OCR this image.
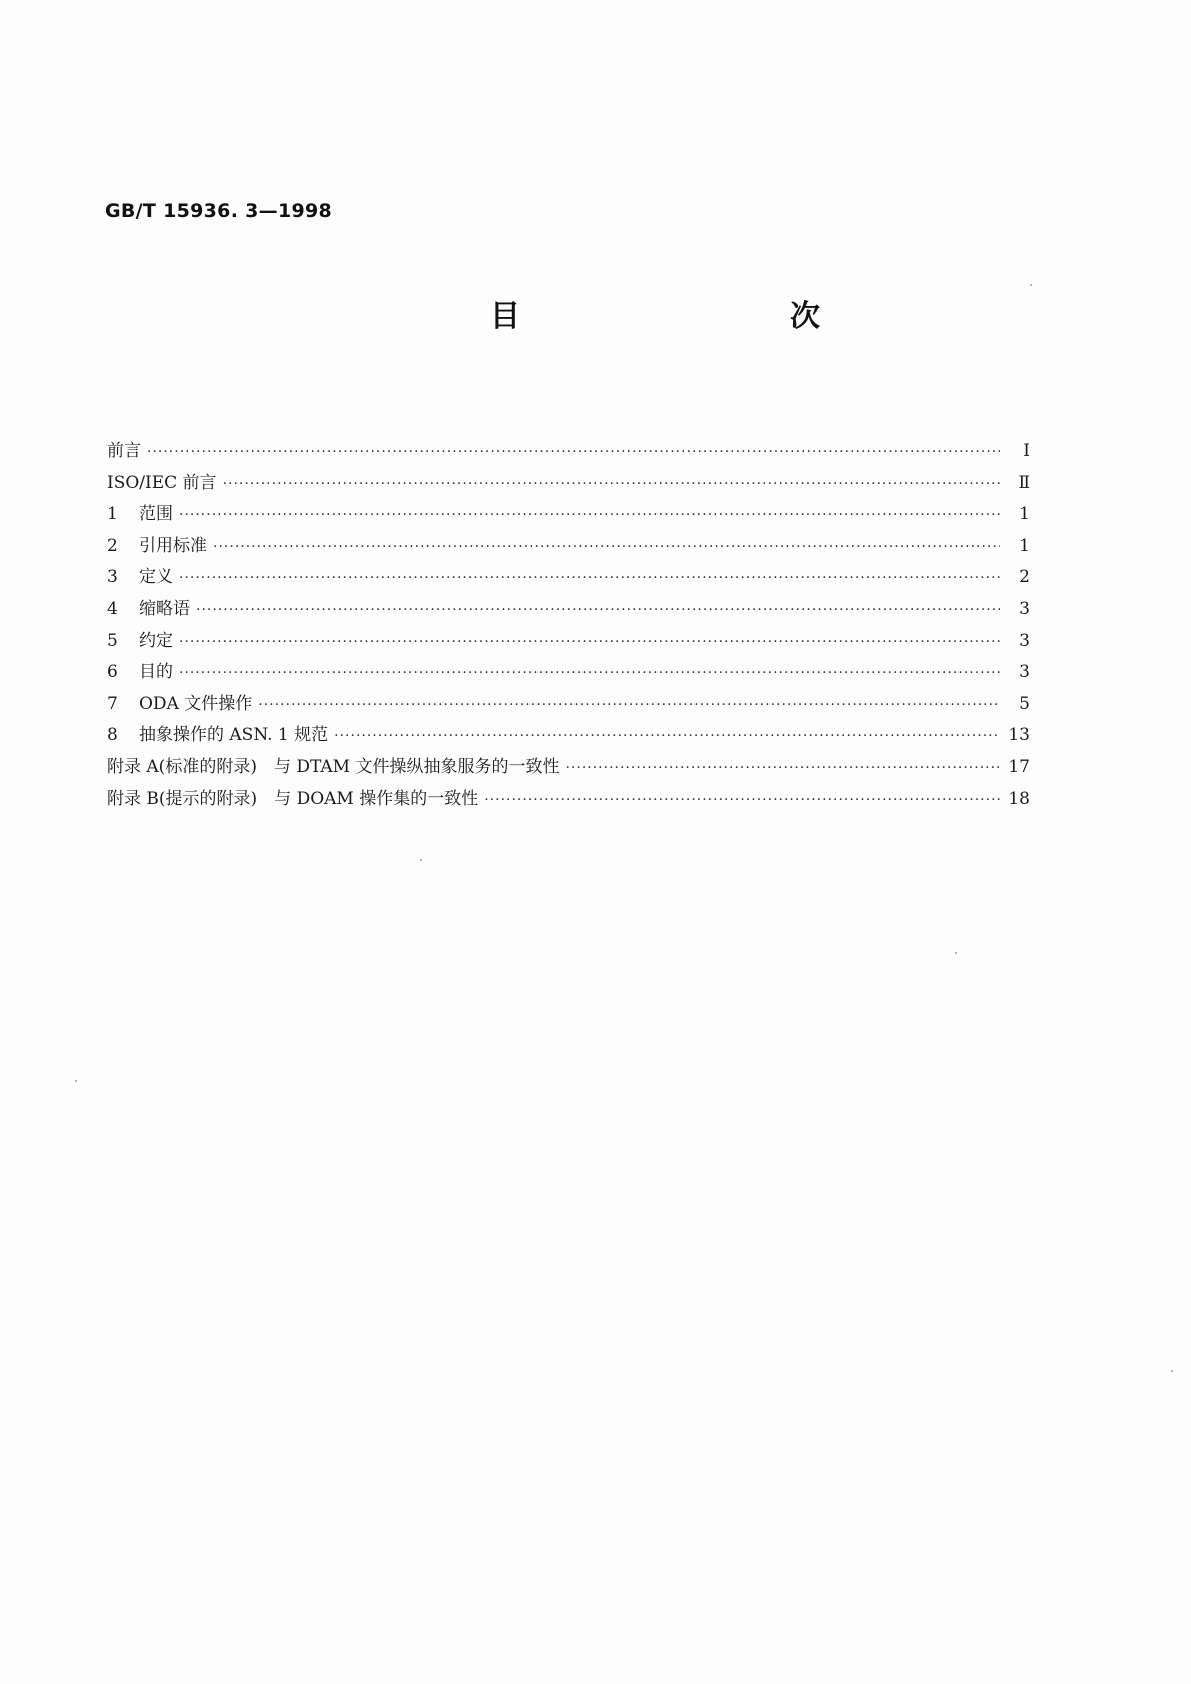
GB/T 15936. 3—1998
目　　次
前言 ·····	I
ISO/IEC 前言 ·····	Ⅱ
1	范围 ·····	1
2	引用标准 ·····	1
3	定义 ·····	2
4	缩略语 ·····	3
5	约定 ·····	3
6	目的 ·····	3
7	ODA 文件操作 ·····	5
8	抽象操作的 ASN. 1 规范 ·····	13
附录 A(标准的附录)　与 DTAM 文件操纵抽象服务的一致性 ·····	17
附录 B(提示的附录)　与 DOAM 操作集的一致性 ·····	18
